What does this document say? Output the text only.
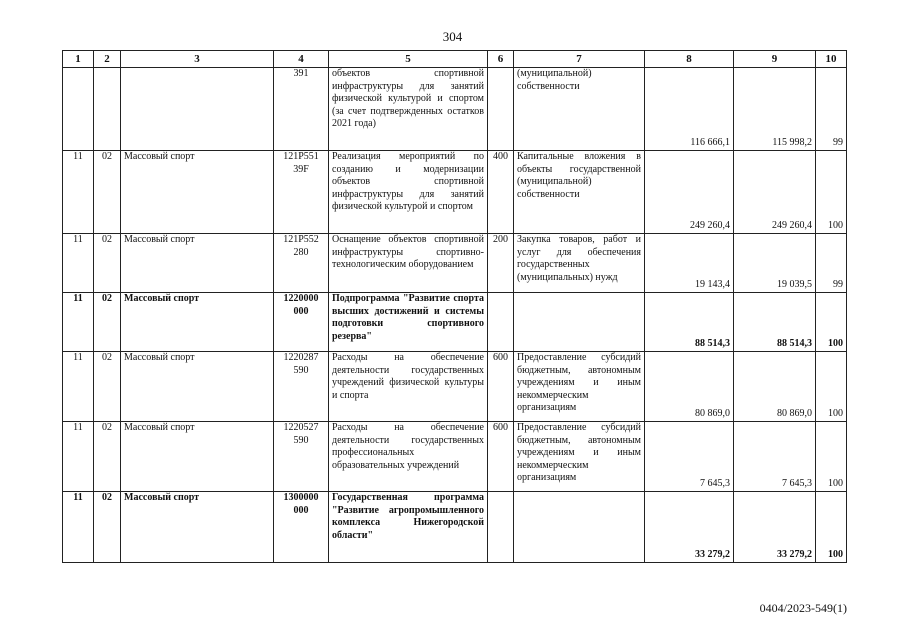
304
1	2	3	4	5	6	7	8	9	10
			391	объектов спортивной инфраструктуры для занятий физической культурой и спортом (за счет подтвержденных остатков 2021 года)		(муниципальной) собственности	116 666,1	115 998,2	99
11	02	Массовый спорт	121P551 39F	Реализация мероприятий по созданию и модернизации объектов спортивной инфраструктуры для занятий физической культурой и спортом	400	Капитальные вложения в объекты государственной (муниципальной) собственности	249 260,4	249 260,4	100
11	02	Массовый спорт	121P552 280	Оснащение объектов спортивной инфраструктуры спортивно-технологическим оборудованием	200	Закупка товаров, работ и услуг для обеспечения государственных (муниципальных) нужд	19 143,4	19 039,5	99
11	02	Массовый спорт	1220000 000	Подпрограмма "Развитие спорта высших достижений и системы подготовки спортивного резерва"			88 514,3	88 514,3	100
11	02	Массовый спорт	1220287 590	Расходы на обеспечение деятельности государственных учреждений физической культуры и спорта	600	Предоставление субсидий бюджетным, автономным учреждениям и иным некоммерческим организациям	80 869,0	80 869,0	100
11	02	Массовый спорт	1220527 590	Расходы на обеспечение деятельности государственных профессиональных образовательных учреждений	600	Предоставление субсидий бюджетным, автономным учреждениям и иным некоммерческим организациям	7 645,3	7 645,3	100
11	02	Массовый спорт	1300000 000	Государственная программа "Развитие агропромышленного комплекса Нижегородской области"			33 279,2	33 279,2	100
0404/2023-549(1)
